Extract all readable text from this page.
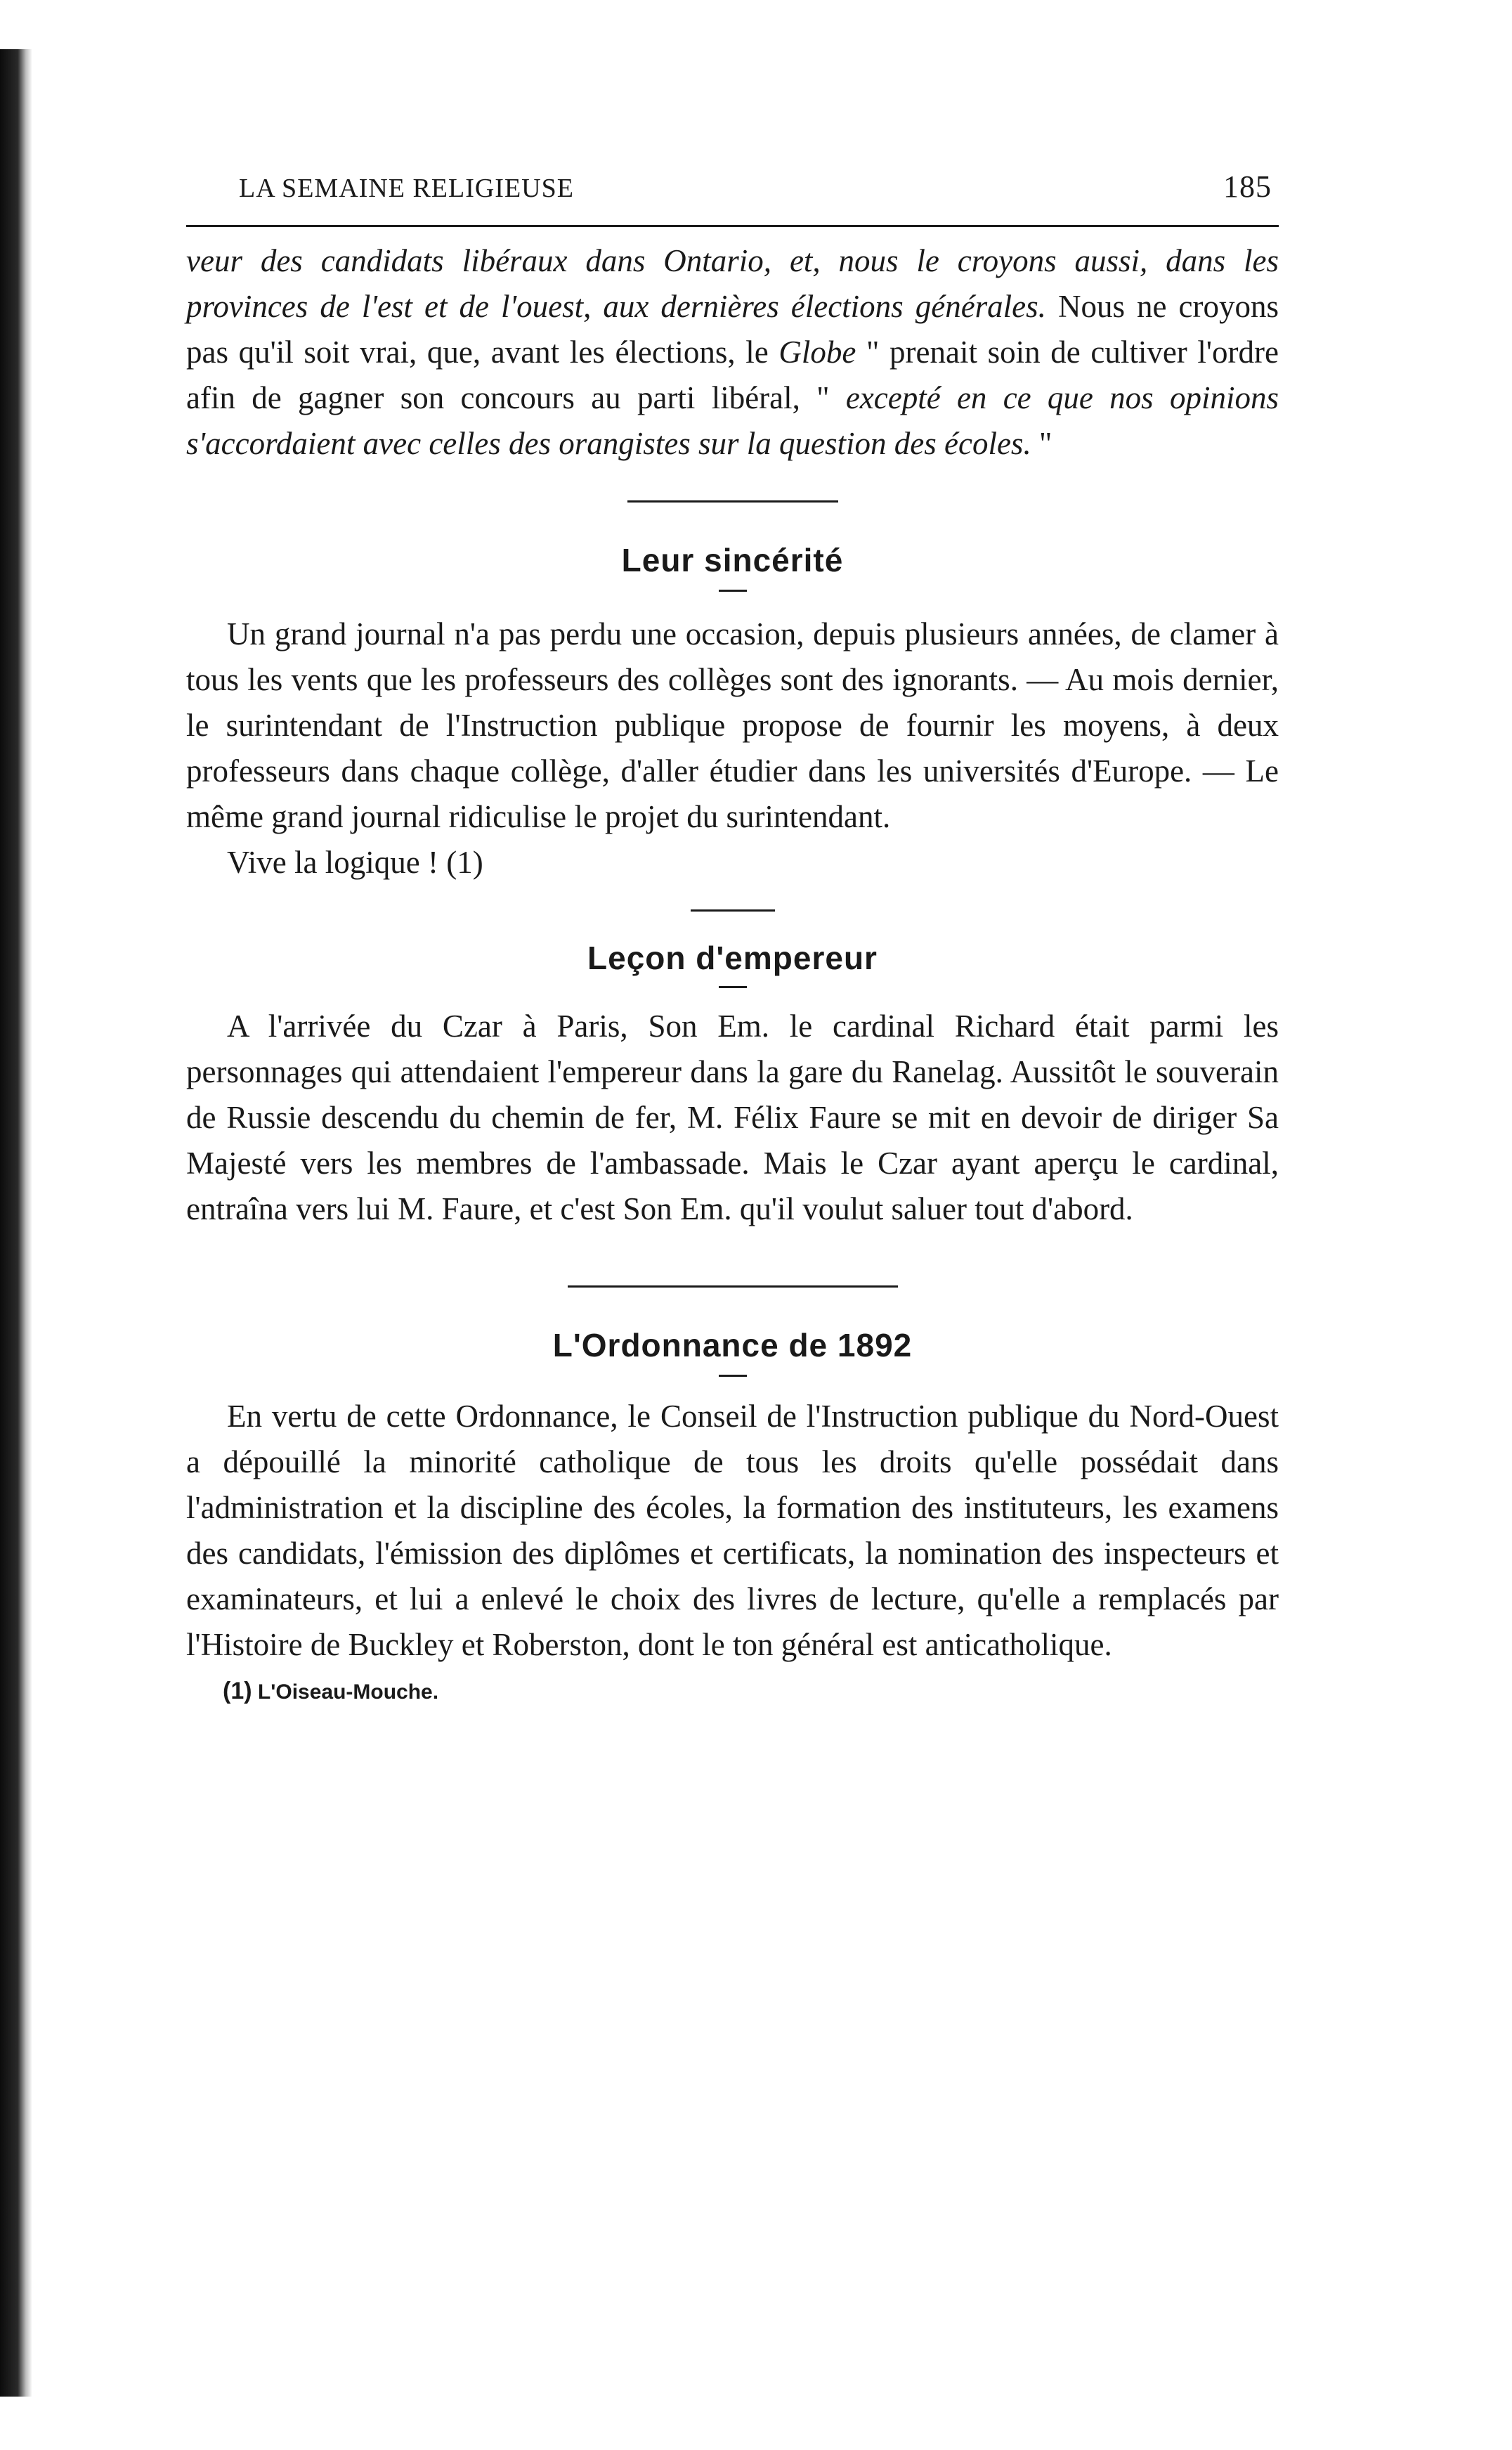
LA SEMAINE RELIGIEUSE	185

veur des candidats libéraux dans Ontario, et, nous le croyons aussi, dans les provinces de l'est et de l'ouest, aux dernières élections générales. Nous ne croyons pas qu'il soit vrai, que, avant les élections, le Globe " prenait soin de cultiver l'ordre afin de gagner son concours au parti libéral, " excepté en ce que nos opinions s'accordaient avec celles des orangistes sur la question des écoles. "

Leur sincérité

Un grand journal n'a pas perdu une occasion, depuis plusieurs années, de clamer à tous les vents que les professeurs des collèges sont des ignorants. — Au mois dernier, le surintendant de l'Instruction publique propose de fournir les moyens, à deux professeurs dans chaque collège, d'aller étudier dans les universités d'Europe. — Le même grand journal ridiculise le projet du surintendant.

Vive la logique ! (1)

Leçon d'empereur

A l'arrivée du Czar à Paris, Son Em. le cardinal Richard était parmi les personnages qui attendaient l'empereur dans la gare du Ranelag. Aussitôt le souverain de Russie descendu du chemin de fer, M. Félix Faure se mit en devoir de diriger Sa Majesté vers les membres de l'ambassade. Mais le Czar ayant aperçu le cardinal, entraîna vers lui M. Faure, et c'est Son Em. qu'il voulut saluer tout d'abord.

L'Ordonnance de 1892

En vertu de cette Ordonnance, le Conseil de l'Instruction publique du Nord-Ouest a dépouillé la minorité catholique de tous les droits qu'elle possédait dans l'administration et la discipline des écoles, la formation des instituteurs, les examens des candidats, l'émission des diplômes et certificats, la nomination des inspecteurs et examinateurs, et lui a enlevé le choix des livres de lecture, qu'elle a remplacés par l'Histoire de Buckley et Roberston, dont le ton général est anticatholique.

(1) L'Oiseau-Mouche.
